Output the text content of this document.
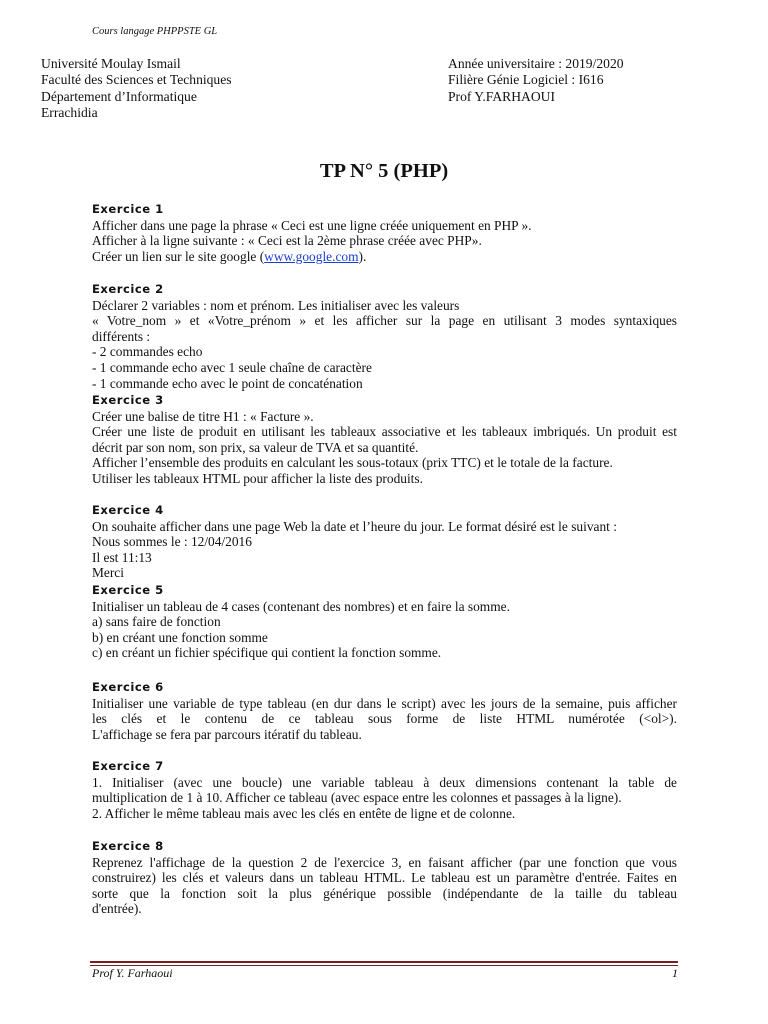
Cours langage PHPPSTE GL
Université Moulay Ismail
Faculté des Sciences et Techniques
Département d’Informatique
Errachidia
Année universitaire : 2019/2020
Filière Génie Logiciel : I616
Prof Y.FARHAOUI
TP N° 5 (PHP)
Exercice 1
Afficher dans une page la phrase « Ceci est une ligne créée uniquement en PHP ».
Afficher à la ligne suivante : « Ceci est la 2ème phrase créée avec PHP».
Créer un lien sur le site google (www.google.com).
Exercice 2
Déclarer 2 variables : nom et prénom. Les initialiser avec les valeurs
« Votre_nom » et «Votre_prénom » et les afficher sur la page en utilisant 3 modes syntaxiques
différents :
- 2 commandes echo
- 1 commande echo avec 1 seule chaîne de caractère
- 1 commande echo avec le point de concaténation
Exercice 3
Créer une balise de titre H1 : « Facture ».
Créer une liste de produit en utilisant les tableaux associative et les tableaux imbriqués. Un produit est
décrit par son nom, son prix, sa valeur de TVA et sa quantité.
Afficher l’ensemble des produits en calculant les sous-totaux (prix TTC) et le totale de la facture.
Utiliser les tableaux HTML pour afficher la liste des produits.
Exercice 4
On souhaite afficher dans une page Web la date et l’heure du jour. Le format désiré est le suivant :
Nous sommes le : 12/04/2016
Il est 11:13
Merci
Exercice 5
Initialiser un tableau de 4 cases (contenant des nombres) et en faire la somme.
a) sans faire de fonction
b) en créant une fonction somme
c) en créant un fichier spécifique qui contient la fonction somme.
Exercice 6
Initialiser une variable de type tableau (en dur dans le script) avec les jours de la semaine, puis afficher
les clés et le contenu de ce tableau sous forme de liste HTML numérotée (<ol>).
L'affichage se fera par parcours itératif du tableau.
Exercice 7
1. Initialiser (avec une boucle) une variable tableau à deux dimensions contenant la table de
multiplication de 1 à 10. Afficher ce tableau (avec espace entre les colonnes et passages à la ligne).
2. Afficher le même tableau mais avec les clés en entête de ligne et de colonne.
Exercice 8
Reprenez l'affichage de la question 2 de l'exercice 3, en faisant afficher (par une fonction que vous
construirez) les clés et valeurs dans un tableau HTML. Le tableau est un paramètre d'entrée. Faites en
sorte que la fonction soit la plus générique possible (indépendante de la taille du tableau
d'entrée).
Prof Y. Farhaoui	1
